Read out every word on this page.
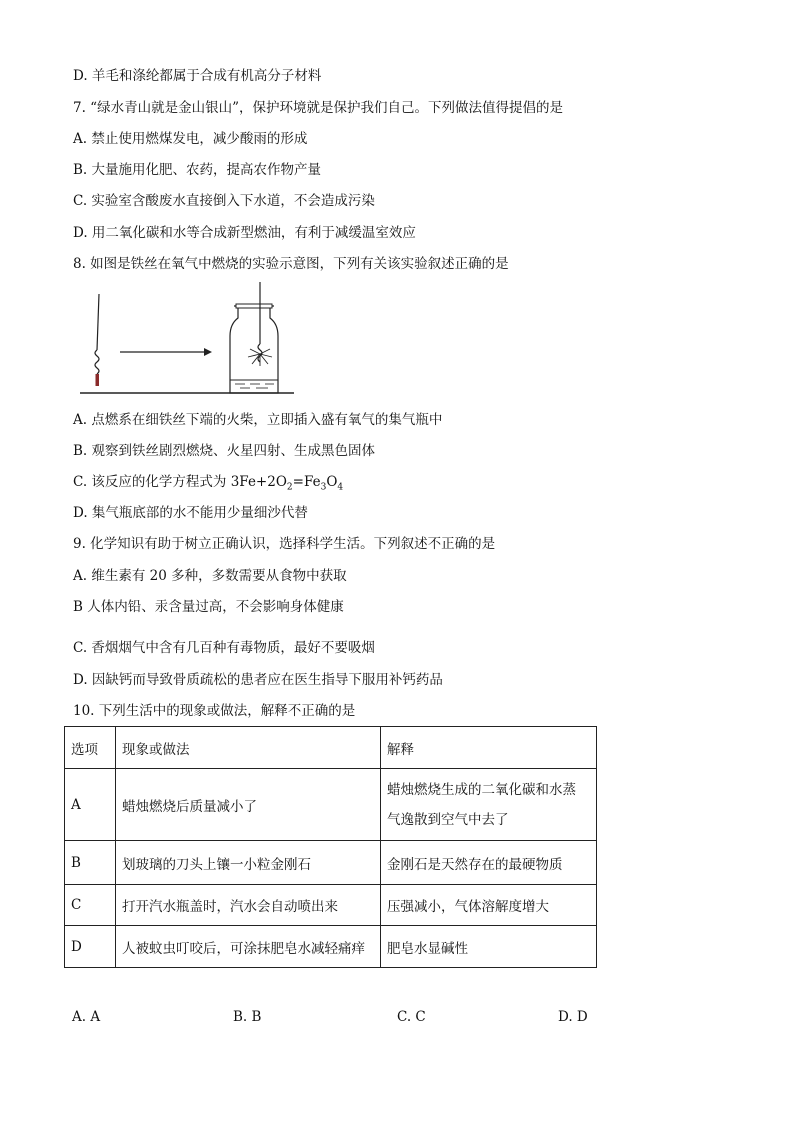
D. 羊毛和涤纶都属于合成有机高分子材料
7. “绿水青山就是金山银山”，保护环境就是保护我们自己。下列做法值得提倡的是
A. 禁止使用燃煤发电，减少酸雨的形成
B. 大量施用化肥、农药，提高农作物产量
C. 实验室含酸废水直接倒入下水道，不会造成污染
D. 用二氧化碳和水等合成新型燃油，有利于减缓温室效应
8. 如图是铁丝在氧气中燃烧的实验示意图，下列有关该实验叙述正确的是
A. 点燃系在细铁丝下端的火柴，立即插入盛有氧气的集气瓶中
B. 观察到铁丝剧烈燃烧、火星四射、生成黑色固体
C. 该反应的化学方程式为 $3Fe+2O_2=Fe_3O_4$
D. 集气瓶底部的水不能用少量细沙代替
9. 化学知识有助于树立正确认识，选择科学生活。下列叙述不正确的是
A. 维生素有 20 多种，多数需要从食物中获取
B 人体内铅、汞含量过高，不会影响身体健康
C. 香烟烟气中含有几百种有毒物质，最好不要吸烟
D. 因缺钙而导致骨质疏松的患者应在医生指导下服用补钙药品
10. 下列生活中的现象或做法，解释不正确的是
选项	现象或做法	解释
A	蜡烛燃烧后质量减小了	蜡烛燃烧生成的二氧化碳和水蒸
气逸散到空气中去了

B	划玻璃的刀头上镶一小粒金刚石	金刚石是天然存在的最硬物质
C	打开汽水瓶盖时，汽水会自动喷出来	压强减小，气体溶解度增大
D	人被蚊虫叮咬后，可涂抹肥皂水减轻痛痒	肥皂水显碱性
A. A	B. B	C. C	D. D
